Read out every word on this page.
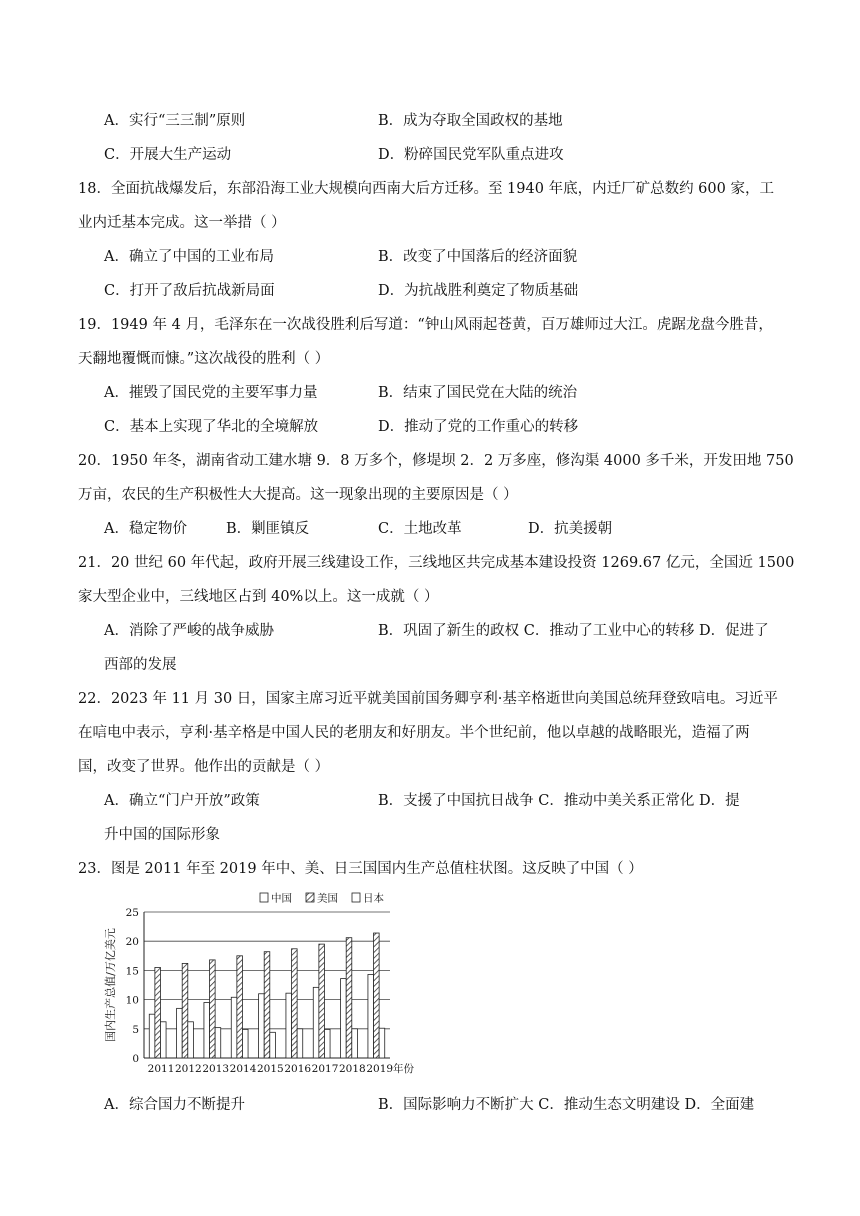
A．实行“三三制”原则	B．成为夺取全国政权的基地
C．开展大生产运动	D．粉碎国民党军队重点进攻
18．全面抗战爆发后，东部沿海工业大规模向西南大后方迁移。至 1940 年底，内迁厂矿总数约 600 家，工
业内迁基本完成。这一举措（ ）
A．确立了中国的工业布局	B．改变了中国落后的经济面貌
C．打开了敌后抗战新局面	D．为抗战胜利奠定了物质基础
19．1949 年 4 月，毛泽东在一次战役胜利后写道：“钟山风雨起苍黄，百万雄师过大江。虎踞龙盘今胜昔，
天翻地覆慨而慷。”这次战役的胜利（ ）
A．摧毁了国民党的主要军事力量	B．结束了国民党在大陆的统治
C．基本上实现了华北的全境解放	D．推动了党的工作重心的转移
20．1950 年冬，湖南省动工建水塘 9．8 万多个，修堤坝 2．2 万多座，修沟渠 4000 多千米，开发田地 750
万亩，农民的生产积极性大大提高。这一现象出现的主要原因是（ ）
A．稳定物价	B．剿匪镇反	C．土地改革	D．抗美援朝
21．20 世纪 60 年代起，政府开展三线建设工作，三线地区共完成基本建设投资 1269.67 亿元，全国近 1500
家大型企业中，三线地区占到 40%以上。这一成就（ ）
A．消除了严峻的战争威胁	B．巩固了新生的政权 C．推动了工业中心的转移 D．促进了
西部的发展
22．2023 年 11 月 30 日，国家主席习近平就美国前国务卿亨利·基辛格逝世向美国总统拜登致唁电。习近平
在唁电中表示，亨利·基辛格是中国人民的老朋友和好朋友。半个世纪前，他以卓越的战略眼光，造福了两
国，改变了世界。他作出的贡献是（ ）
A．确立“门户开放”政策	B．支援了中国抗日战争 C．推动中美关系正常化 D．提
升中国的国际形象
23．图是 2011 年至 2019 年中、美、日三国国内生产总值柱状图。这反映了中国（ ）
0
5
10
15
20
25
国内生产总值/万亿美元
2011 2012 2013 2014 2015 2016 2017 2018 2019年份
中国 美国 日本
A．综合国力不断提升	B．国际影响力不断扩大 C．推动生态文明建设 D．全面建
